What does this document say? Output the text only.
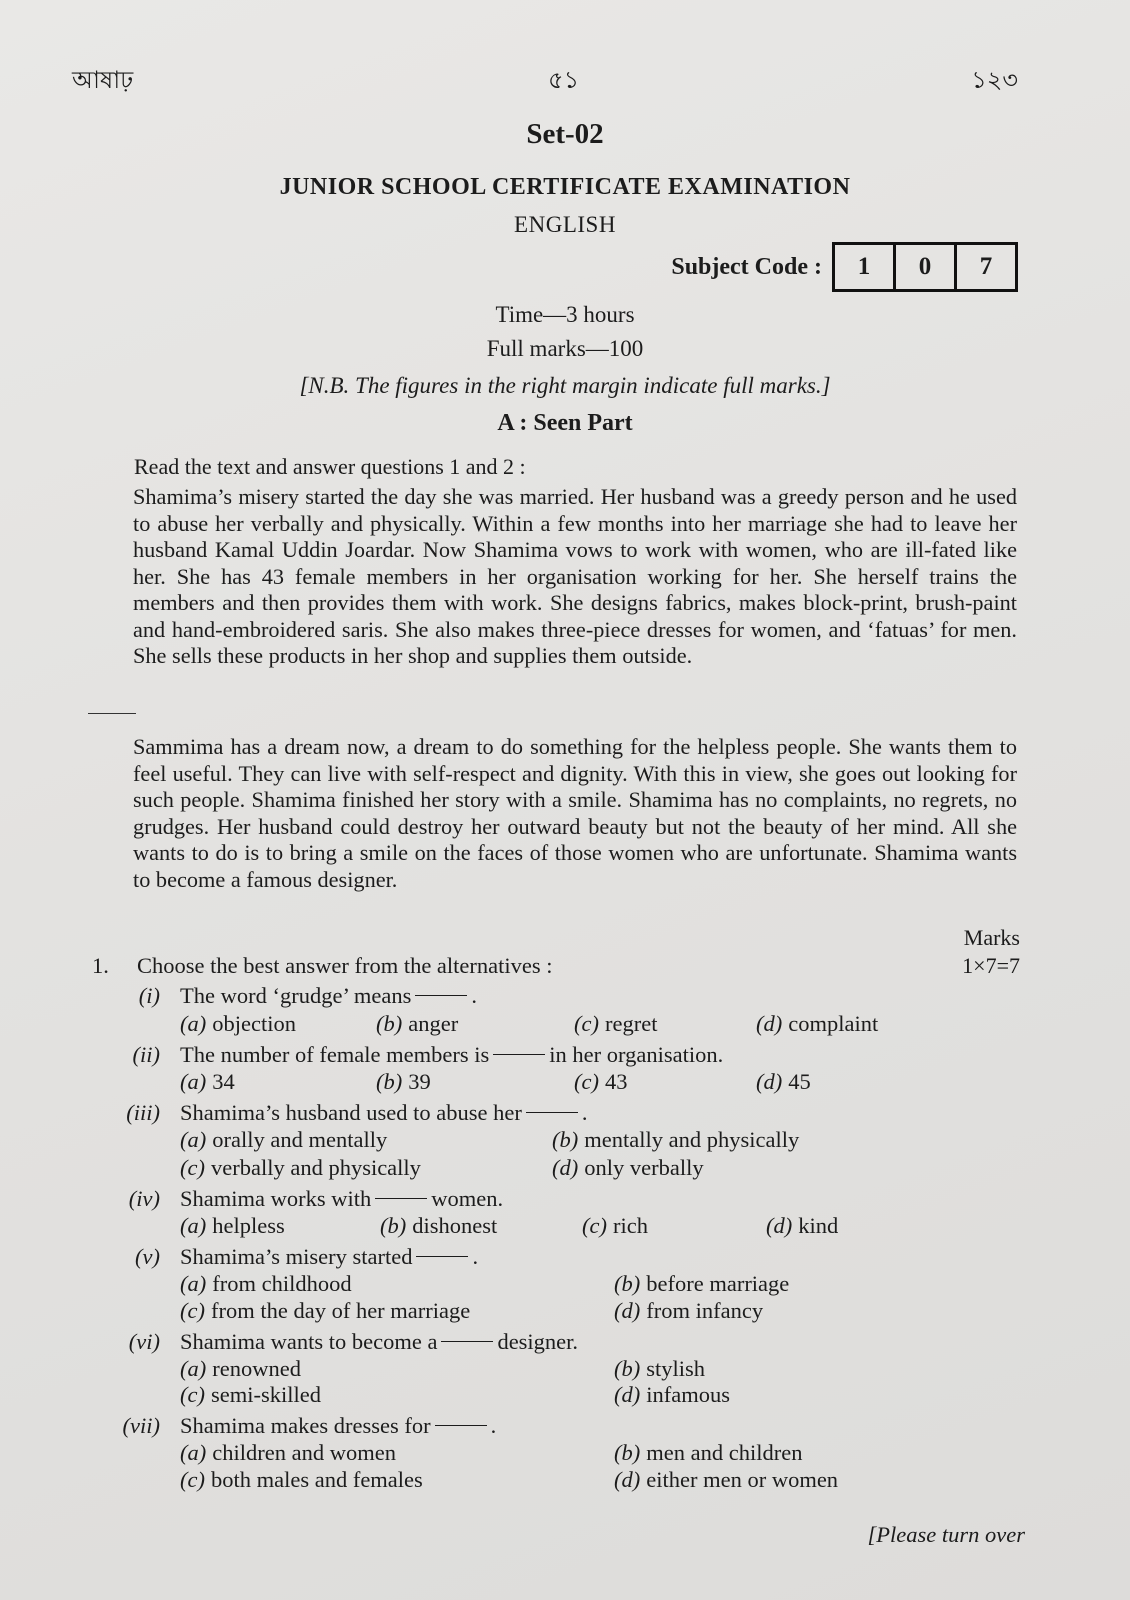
আষাঢ়	৫১	১২৩
Set-02
JUNIOR SCHOOL CERTIFICATE EXAMINATION
ENGLISH
Subject Code :	1	0	7
Time—3 hours
Full marks—100
[N.B. The figures in the right margin indicate full marks.]
A : Seen Part
Read the text and answer questions 1 and 2 :

Shamima’s misery started the day she was married. Her husband was a greedy person and he used to abuse her verbally and physically. Within a few months into her marriage she had to leave her husband Kamal Uddin Joardar. Now Shamima vows to work with women, who are ill-fated like her. She has 43 female members in her organisation working for her. She herself trains the members and then provides them with work. She designs fabrics, makes block-print, brush-paint and hand-embroidered saris. She also makes three-piece dresses for women, and ‘fatuas’ for men. She sells these products in her shop and supplies them outside.

Sammima has a dream now, a dream to do something for the helpless people. She wants them to feel useful. They can live with self-respect and dignity. With this in view, she goes out looking for such people. Shamima finished her story with a smile. Shamima has no complaints, no regrets, no grudges. Her husband could destroy her outward beauty but not the beauty of her mind. All she wants to do is to bring a smile on the faces of those women who are unfortunate. Shamima wants to become a famous designer.

Marks
1×7=7
1. Choose the best answer from the alternatives :
(i) The word ‘grudge’ means	.
(a) objection	(b) anger	(c) regret	(d) complaint
(ii) The number of female members is	in her organisation.
(a) 34	(b) 39	(c) 43	(d) 45
(iii) Shamima’s husband used to abuse her	.
(a) orally and mentally	(b) mentally and physically
(c) verbally and physically	(d) only verbally
(iv) Shamima works with	women.
(a) helpless	(b) dishonest	(c) rich	(d) kind
(v) Shamima’s misery started	.
(a) from childhood	(b) before marriage
(c) from the day of her marriage	(d) from infancy
(vi) Shamima wants to become a	designer.
(a) renowned	(b) stylish
(c) semi-skilled	(d) infamous
(vii) Shamima makes dresses for	.
(a) children and women	(b) men and children
(c) both males and females	(d) either men or women
[Please turn over
